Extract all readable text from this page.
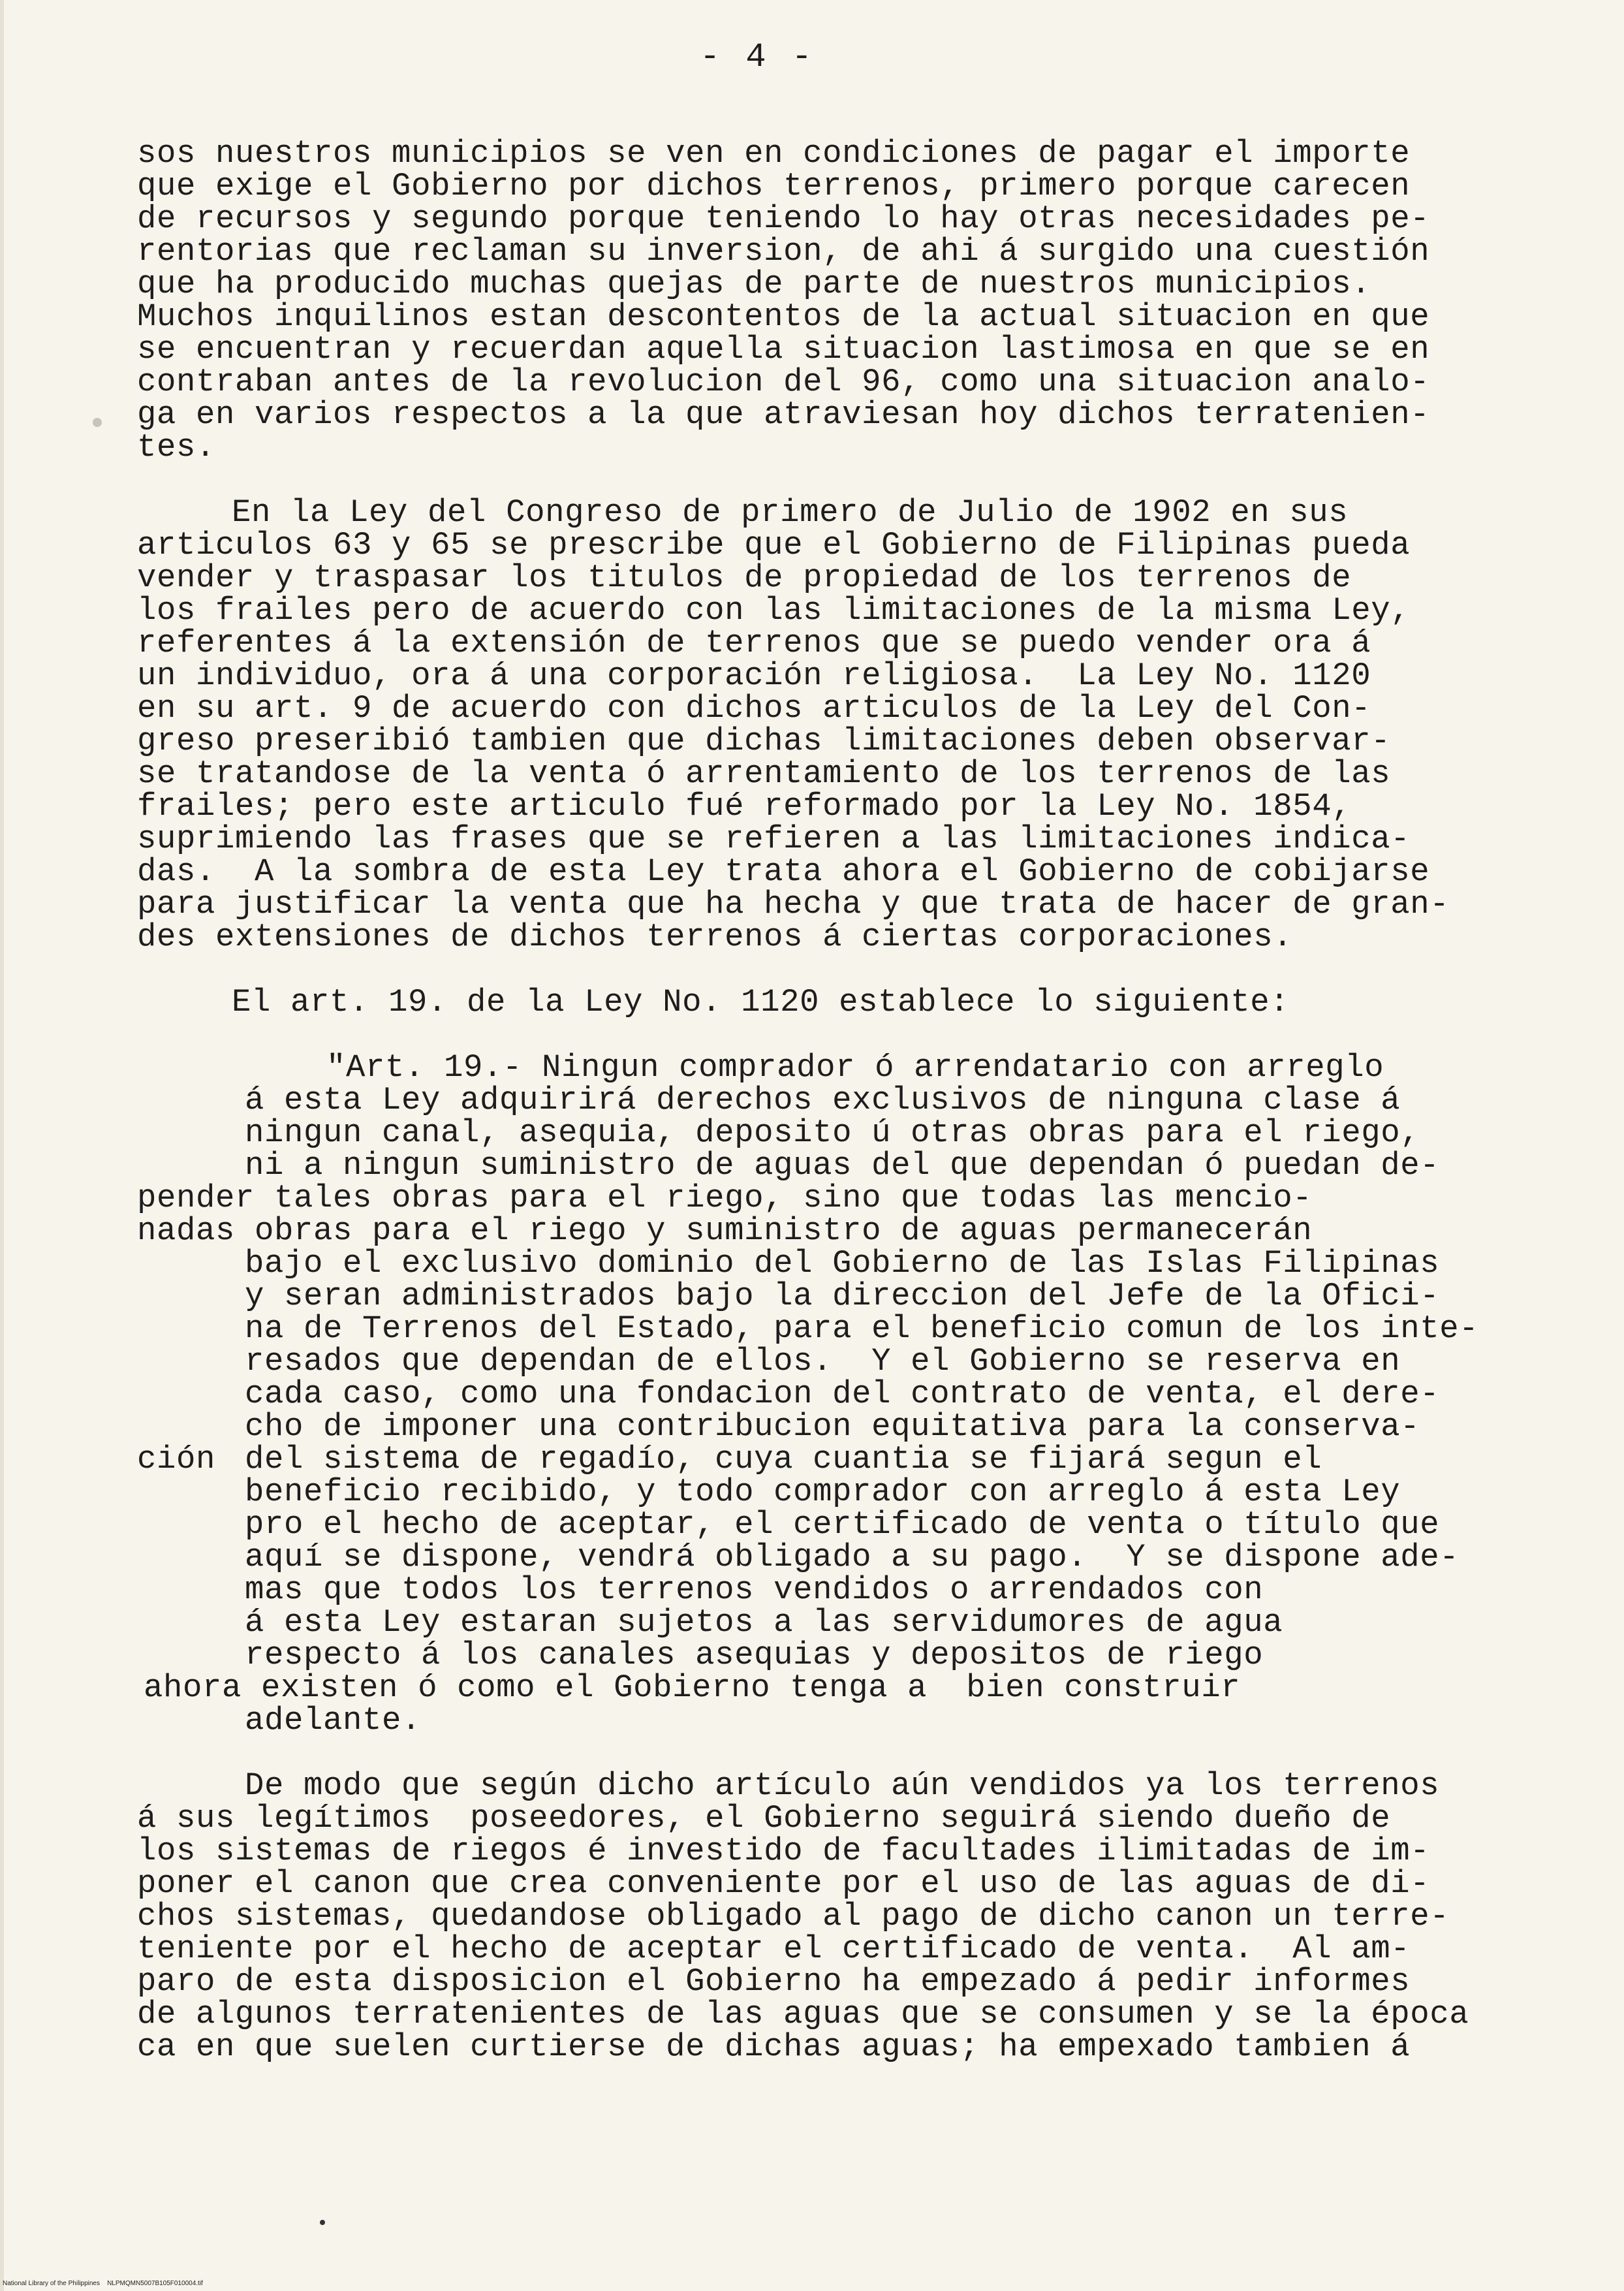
- 4 -
sos nuestros municipios se ven en condiciones de pagar el importe
que exige el Gobierno por dichos terrenos, primero porque carecen
de recursos y segundo porque teniendo lo hay otras necesidades pe-
rentorias que reclaman su inversion, de ahi á surgido una cuestión
que ha producido muchas quejas de parte de nuestros municipios.
Muchos inquilinos estan descontentos de la actual situacion en que
se encuentran y recuerdan aquella situacion lastimosa en que se en
contraban antes de la revolucion del 96, como una situacion analo-
ga en varios respectos a la que atraviesan hoy dichos terratenien-
tes.
En la Ley del Congreso de primero de Julio de 1902 en sus
articulos 63 y 65 se prescribe que el Gobierno de Filipinas pueda
vender y traspasar los titulos de propiedad de los terrenos de
los frailes pero de acuerdo con las limitaciones de la misma Ley,
referentes á la extensión de terrenos que se puedo vender ora á
un individuo, ora á una corporación religiosa.  La Ley No. 1120
en su art. 9 de acuerdo con dichos articulos de la Ley del Con-
greso preseribió tambien que dichas limitaciones deben observar-
se tratandose de la venta ó arrentamiento de los terrenos de las
frailes; pero este articulo fué reformado por la Ley No. 1854,
suprimiendo las frases que se refieren a las limitaciones indica-
das.  A la sombra de esta Ley trata ahora el Gobierno de cobijarse
para justificar la venta que ha hecha y que trata de hacer de gran-
des extensiones de dichos terrenos á ciertas corporaciones.
El art. 19. de la Ley No. 1120 establece lo siguiente:
"Art. 19.- Ningun comprador ó arrendatario con arreglo
á esta Ley adquirirá derechos exclusivos de ninguna clase á
ningun canal, asequia, deposito ú otras obras para el riego,
ni a ningun suministro de aguas del que dependan ó puedan de-
pender tales obras para el riego, sino que todas las mencio-
nadas obras para el riego y suministro de aguas permanecerán
bajo el exclusivo dominio del Gobierno de las Islas Filipinas
y seran administrados bajo la direccion del Jefe de la Ofici-
na de Terrenos del Estado, para el beneficio comun de los inte-
resados que dependan de ellos.  Y el Gobierno se reserva en
cada caso, como una fondacion del contrato de venta, el dere-
cho de imponer una contribucion equitativa para la conserva-
ción del sistema de regadío, cuya cuantia se fijará segun el
beneficio recibido, y todo comprador con arreglo á esta Ley
pro el hecho de aceptar, el certificado de venta o título que
aquí se dispone, vendrá obligado a su pago.  Y se dispone ade-
mas que todos los terrenos vendidos o arrendados con
á esta Ley estaran sujetos a las servidumores de agua
respecto á los canales asequias y depositos de riego
ahora existen ó como el Gobierno tenga a  bien construir
adelante.
De modo que según dicho artículo aún vendidos ya los terrenos
á sus legítimos  poseedores, el Gobierno seguirá siendo dueño de
los sistemas de riegos é investido de facultades ilimitadas de im-
poner el canon que crea conveniente por el uso de las aguas de di-
chos sistemas, quedandose obligado al pago de dicho canon un terre-
teniente por el hecho de aceptar el certificado de venta.  Al am-
paro de esta disposicion el Gobierno ha empezado á pedir informes
de algunos terratenientes de las aguas que se consumen y se la época
ca en que suelen curtierse de dichas aguas; ha empexado tambien á
National Library of the Philippines    NLPMQMN5007B105F010004.tif
